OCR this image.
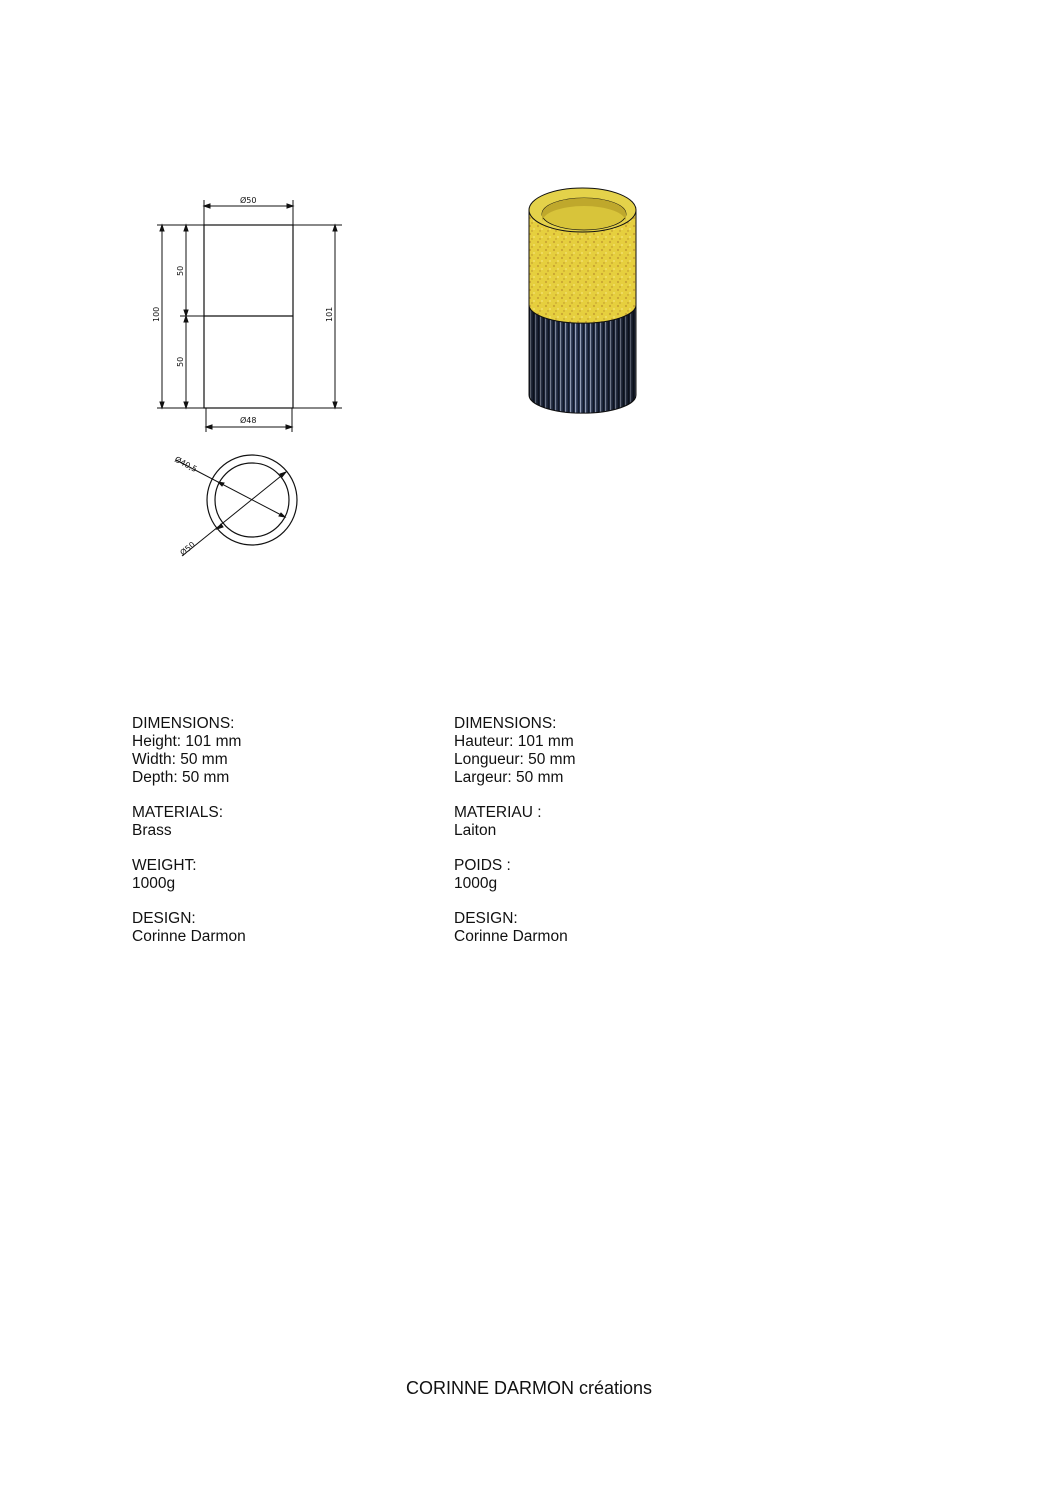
Ø50
Ø48
50
50
100	101
Ø40,5
Ø50
DIMENSIONS:
Height: 101 mm
Width: 50 mm
Depth: 50 mm
MATERIALS:
Brass
WEIGHT:
1000g
DESIGN:
Corinne Darmon
DIMENSIONS:
Hauteur: 101 mm
Longueur: 50 mm
Largeur: 50 mm
MATERIAU :
Laiton
POIDS :
1000g
DESIGN:
Corinne Darmon
CORINNE DARMON créations
